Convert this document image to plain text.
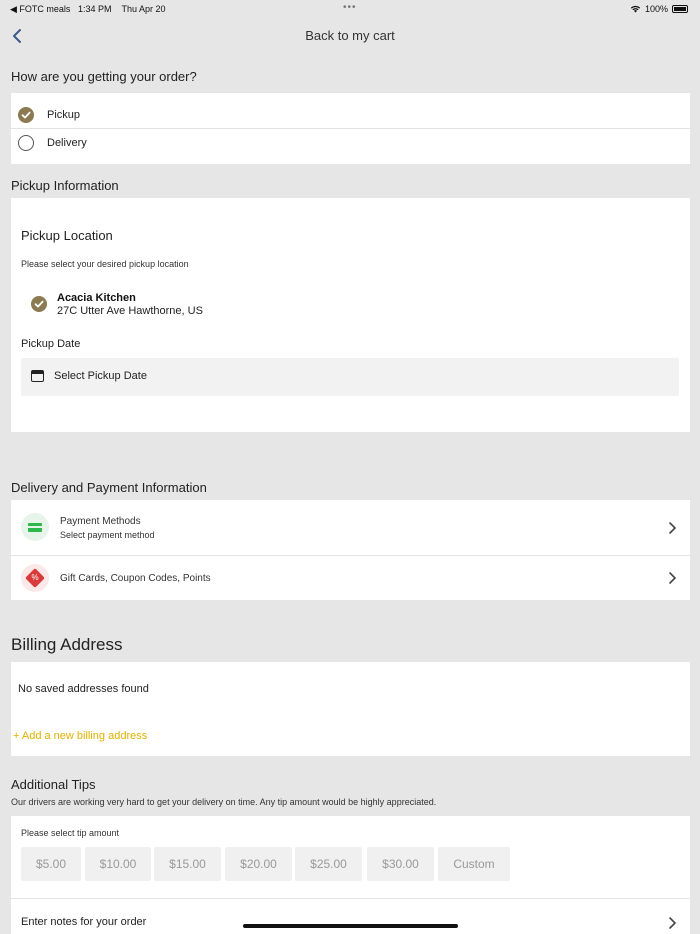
◀ FOTC meals 1:34 PM Thu Apr 20	•••	100%
Back to my cart
How are you getting your order?
Pickup
Delivery
Pickup Information
Pickup Location
Please select your desired pickup location
Acacia Kitchen
27C Utter Ave Hawthorne, US
Pickup Date
Select Pickup Date
Delivery and Payment Information
Payment Methods
Select payment method
%	Gift Cards, Coupon Codes, Points
Billing Address
No saved addresses found
+ Add a new billing address
Additional Tips
Our drivers are working very hard to get your delivery on time. Any tip amount would be highly appreciated.
Please select tip amount
$5.00	$10.00	$15.00	$20.00	$25.00	$30.00	Custom
Enter notes for your order
